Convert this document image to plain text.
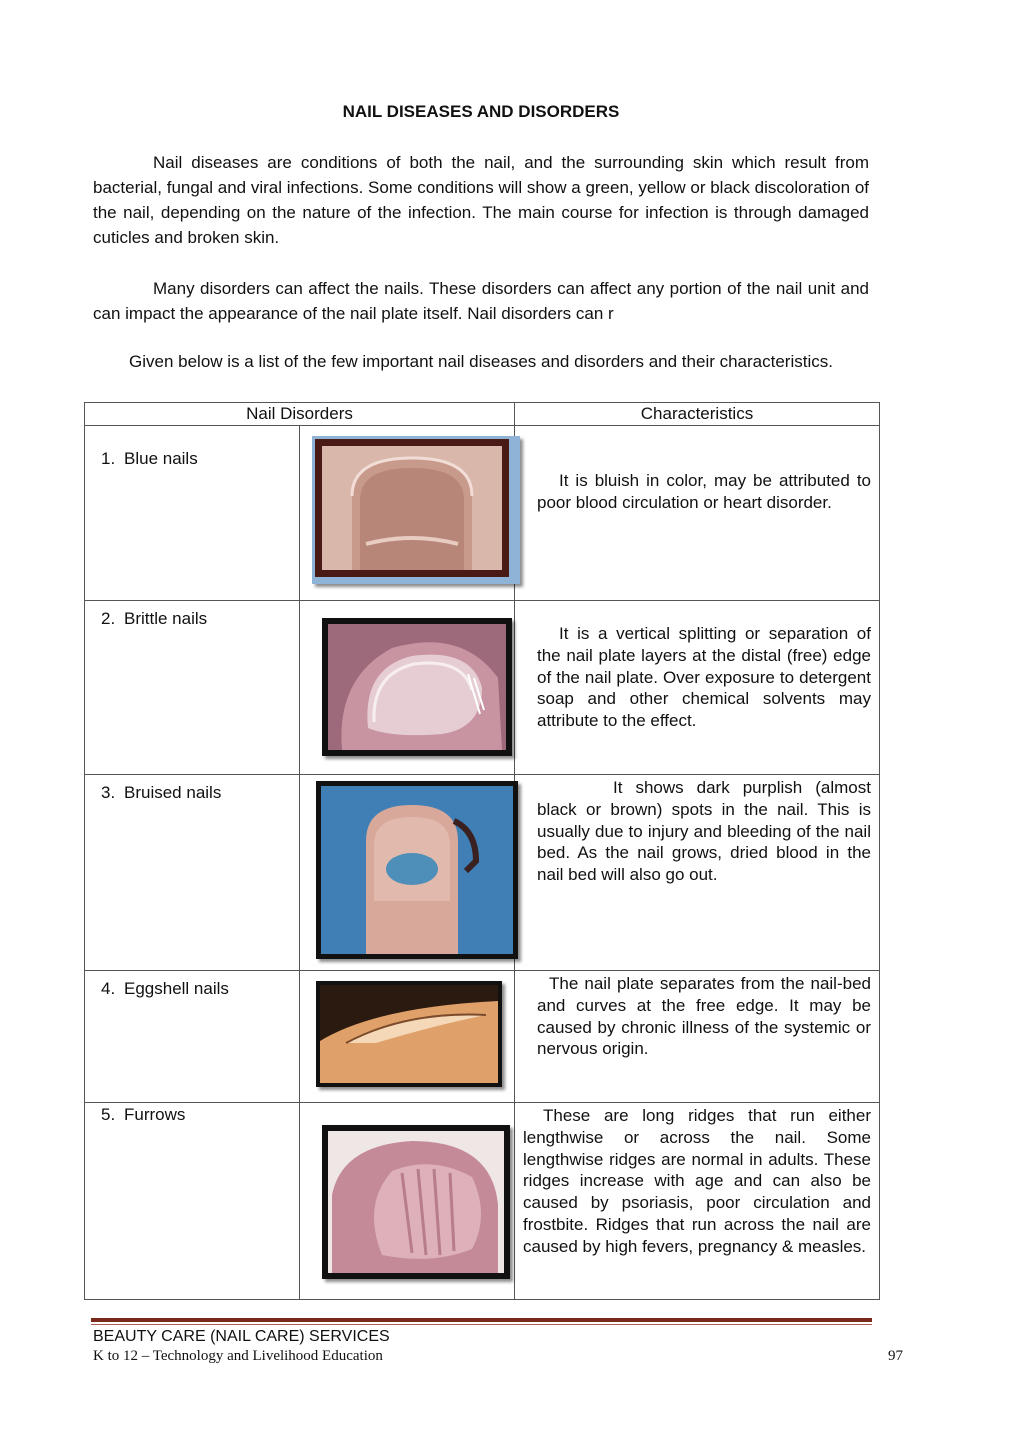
NAIL DISEASES AND DISORDERS

Nail diseases are conditions of both the nail, and the surrounding skin which result from bacterial, fungal and viral infections. Some conditions will show a green, yellow or black discoloration of the nail, depending on the nature of the infection. The main course for infection is through damaged cuticles and broken skin.

Many disorders can affect the nails. These disorders can affect any portion of the nail unit and can impact the appearance of the nail plate itself. Nail disorders can r

Given below is a list of the few important nail diseases and disorders and their characteristics.

Nail Disorders		Characteristics

1. Blue nails		It is bluish in color, may be attributed to poor blood circulation or heart disorder.

2. Brittle nails		It is a vertical splitting or separation of the nail plate layers at the distal (free) edge of the nail plate. Over exposure to detergent soap and other chemical solvents may attribute to the effect.

3. Bruised nails		It shows dark purplish (almost black or brown) spots in the nail. This is usually due to injury and bleeding of the nail bed. As the nail grows, dried blood in the nail bed will also go out.

4. Eggshell nails		The nail plate separates from the nail-bed and curves at the free edge. It may be caused by chronic illness of the systemic or nervous origin.

5. Furrows		These are long ridges that run either lengthwise or across the nail. Some lengthwise ridges are normal in adults. These ridges increase with age and can also be caused by psoriasis, poor circulation and frostbite. Ridges that run across the nail are caused by high fevers, pregnancy & measles.
BEAUTY CARE (NAIL CARE) SERVICES
K to 12 – Technology and Livelihood Education	97
